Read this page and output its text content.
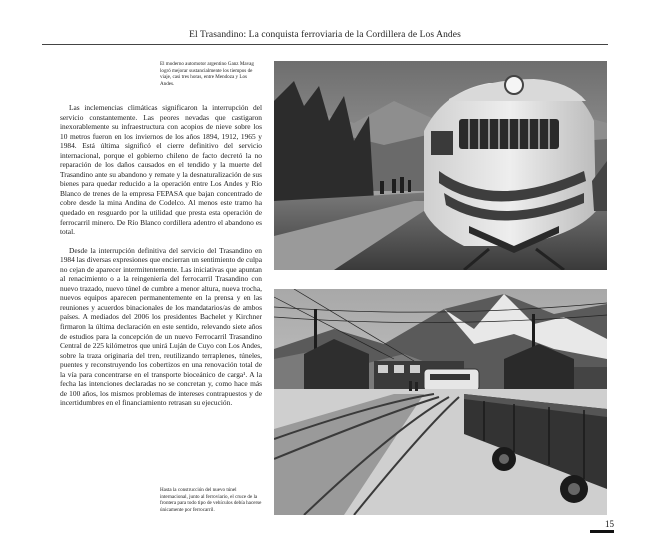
El Trasandino: La conquista ferroviaria de la Cordillera de Los Andes
El moderno automotor argentino Ganz Mavag logró mejorar sustancialmente los tiempos de viaje, casi tres horas, entre Mendoza y Los Andes.

Las inclemencias climáticas significaron la interrupción del servicio constantemente. Las peores nevadas que castigaron inexorablemente su infraestructura con acopios de nieve sobre los 10 metros fueron en los inviernos de los años 1894, 1912, 1965 y 1984. Está última significó el cierre definitivo del servicio internacional, porque el gobierno chileno de facto decretó la no reparación de los daños causados en el tendido y la muerte del Trasandino ante su abandono y remate y la desnaturalización de sus bienes para quedar reducido a la operación entre Los Andes y Río Blanco de trenes de la empresa FEPASA que bajan concentrado de cobre desde la mina Andina de Codelco. Al menos este tramo ha quedado en resguardo por la utilidad que presta esta operación de ferrocarril minero. De Río Blanco cordillera adentro el abandono es total.

Desde la interrupción definitiva del servicio del Trasandino en 1984 las diversas expresiones que encierran un sentimiento de culpa no cejan de aparecer intermitentemente. Las iniciativas que apuntan al renacimiento o a la reingeniería del ferrocarril Trasandino con nuevo trazado, nuevo túnel de cumbre a menor altura, nueva trocha, nuevos equipos aparecen permanentemente en la prensa y en las reuniones y acuerdos binacionales de los mandatarios/as de ambos países. A mediados del 2006 los presidentes Bachelet y Kirchner firmaron la última declaración en este sentido, relevando siete años de estudios para la concepción de un nuevo Ferrocarril Trasandino Central de 225 kilómetros que unirá Luján de Cuyo con Los Andes, sobre la traza originaria del tren, reutilizando terraplenes, túneles, puentes y reconstruyendo los cobertizos en una renovación total de la vía para concentrarse en el transporte bioceánico de carga¹. A la fecha las intenciones declaradas no se concretan y, como hace más de 100 años, los mismos problemas de intereses contrapuestos y de incertidumbres en el financiamiento retrasan su ejecución.

Hasta la construcción del nuevo túnel internacional, junto al ferroviario, el cruce de la frontera para todo tipo de vehículos debía hacerse únicamente por ferrocarril.
15
